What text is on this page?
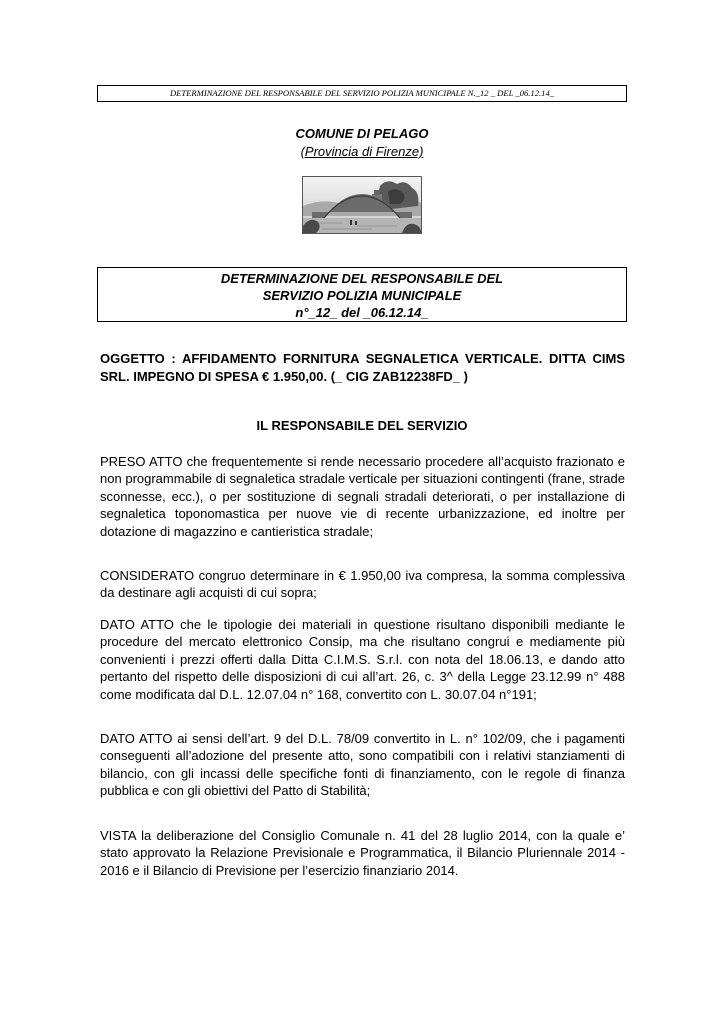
DETERMINAZIONE DEL RESPONSABILE DEL SERVIZIO POLIZIA MUNICIPALE N._12 _ DEL _06.12.14_
COMUNE DI PELAGO
(Provincia di Firenze)
DETERMINAZIONE DEL RESPONSABILE DEL
SERVIZIO POLIZIA MUNICIPALE
n°_12_ del _06.12.14_
OGGETTO : AFFIDAMENTO FORNITURA SEGNALETICA VERTICALE. DITTA CIMS SRL. IMPEGNO DI SPESA € 1.950,00. (_ CIG ZAB12238FD_ )
IL RESPONSABILE DEL SERVIZIO
PRESO ATTO che frequentemente si rende necessario procedere all’acquisto frazionato e non programmabile di segnaletica stradale verticale per situazioni contingenti (frane, strade sconnesse, ecc.), o per sostituzione di segnali stradali deteriorati, o per installazione di segnaletica toponomastica per nuove vie di recente urbanizzazione, ed inoltre per dotazione di magazzino e cantieristica stradale;
CONSIDERATO congruo determinare in € 1.950,00 iva compresa, la somma complessiva da destinare agli acquisti di cui sopra;
DATO ATTO che le tipologie dei materiali in questione risultano disponibili mediante le procedure del mercato elettronico Consip, ma che risultano congrui e mediamente più convenienti i prezzi offerti dalla Ditta C.I.M.S. S.r.l. con nota del 18.06.13, e dando atto pertanto del rispetto delle disposizioni di cui all’art. 26, c. 3^ della Legge 23.12.99 n° 488 come modificata dal D.L. 12.07.04 n° 168, convertito con L. 30.07.04 n°191;
DATO ATTO ai sensi dell’art. 9 del D.L. 78/09 convertito in L. n° 102/09, che i pagamenti conseguenti all’adozione del presente atto, sono compatibili con i relativi stanziamenti di bilancio, con gli incassi delle specifiche fonti di finanziamento, con le regole di finanza pubblica e con gli obiettivi del Patto di Stabilità;
VISTA la deliberazione del Consiglio Comunale n. 41 del 28 luglio 2014, con la quale e’ stato approvato la Relazione Previsionale e Programmatica, il Bilancio Pluriennale 2014 - 2016 e il Bilancio di Previsione per l’esercizio finanziario 2014.
